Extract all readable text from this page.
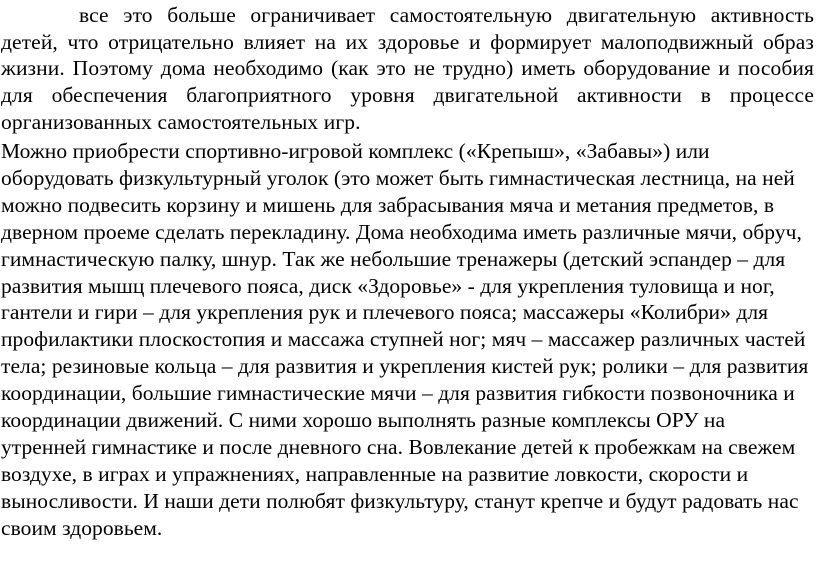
все это больше ограничивает самостоятельную двигательную активность детей, что отрицательно влияет на их здоровье и формирует малоподвижный образ жизни. Поэтому дома необходимо (как это не трудно) иметь оборудование и пособия для обеспечения благоприятного уровня двигательной активности в процессе организованных самостоятельных игр.

Можно приобрести спортивно-игровой комплекс («Крепыш», «Забавы») или оборудовать физкультурный уголок (это может быть гимнастическая лестница, на ней можно подвесить корзину и мишень для забрасывания мяча и метания предметов, в дверном проеме сделать перекладину. Дома необходима иметь различные мячи, обруч, гимнастическую палку, шнур. Так же небольшие тренажеры (детский эспандер – для развития мышц плечевого пояса, диск «Здоровье» - для укрепления туловища и ног, гантели и гири – для укрепления рук и плечевого пояса; массажеры «Колибри» для профилактики плоскостопия и массажа ступней ног; мяч – массажер различных частей тела; резиновые кольца – для развития и укрепления кистей рук; ролики – для развития координации, большие гимнастические мячи – для развития гибкости позвоночника и координации движений. С ними хорошо выполнять разные комплексы ОРУ на утренней гимнастике и после дневного сна. Вовлекание детей к пробежкам на свежем воздухе, в играх и упражнениях, направленные на развитие ловкости, скорости и выносливости. И наши дети полюбят физкультуру, станут крепче и будут радовать нас своим здоровьем.
